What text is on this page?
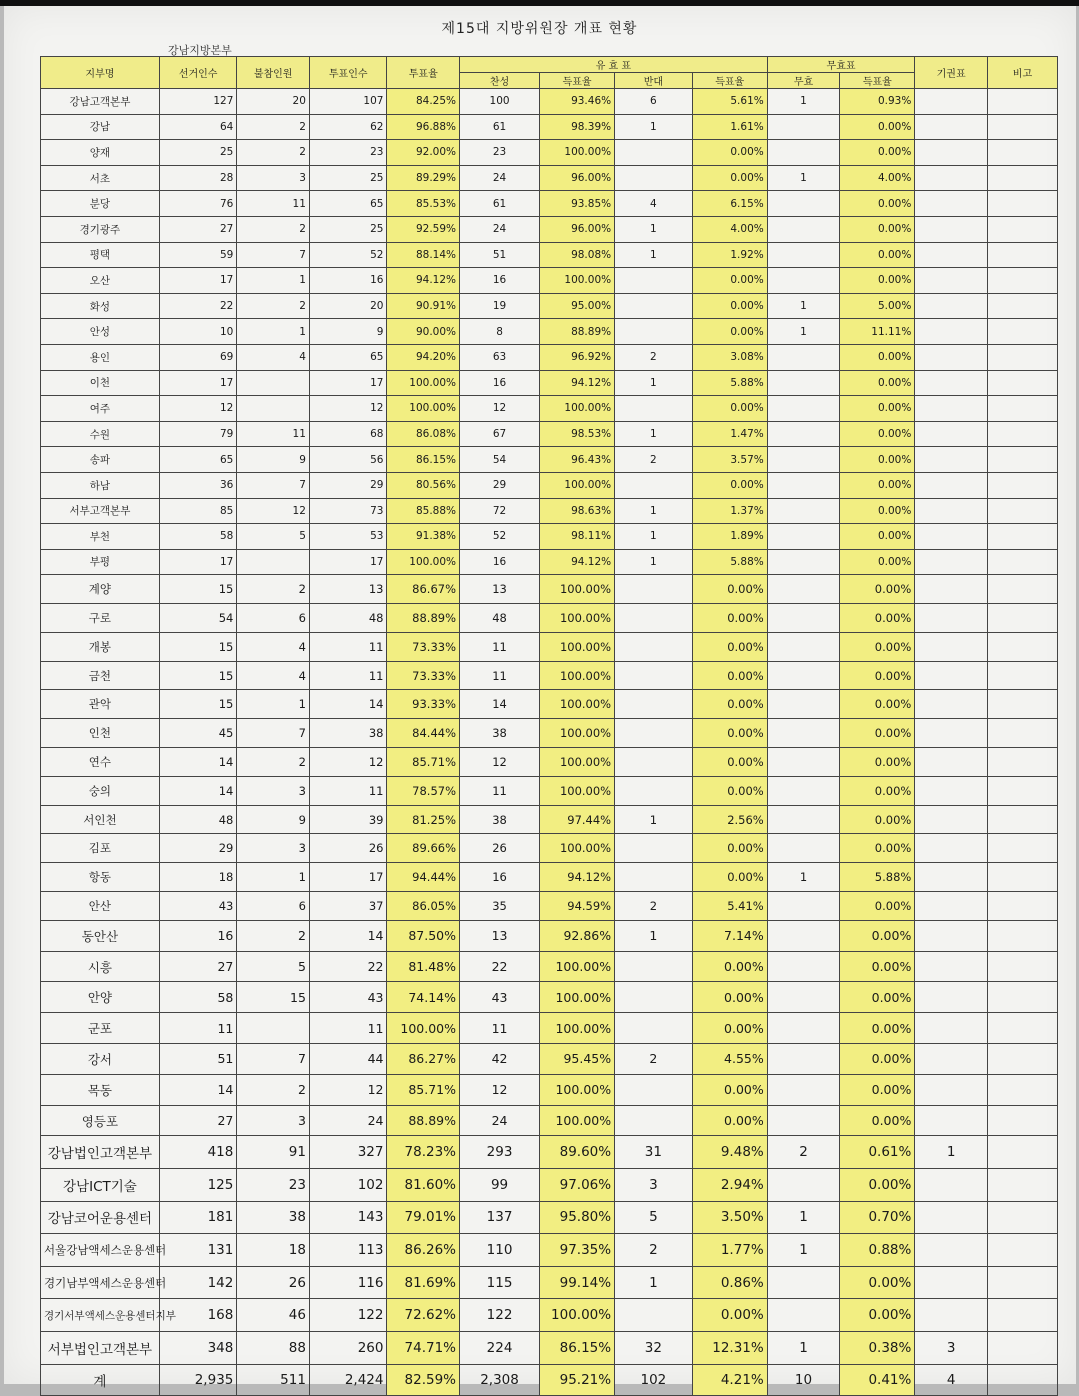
제15대 지방위원장 개표 현황
강남지방본부
지부명	선거인수	불참인원	투표인수	투표율	유 효 표				무효표		기권표	비고
					찬성	득표율	반대	득표율	무효	득표율		
강남고객본부	127	20	107	84.25%	100	93.46%	6	5.61%	1	0.93%		
강남	64	2	62	96.88%	61	98.39%	1	1.61%		0.00%		
양재	25	2	23	92.00%	23	100.00%		0.00%		0.00%		
서초	28	3	25	89.29%	24	96.00%		0.00%	1	4.00%		
분당	76	11	65	85.53%	61	93.85%	4	6.15%		0.00%		
경기광주	27	2	25	92.59%	24	96.00%	1	4.00%		0.00%		
평택	59	7	52	88.14%	51	98.08%	1	1.92%		0.00%		
오산	17	1	16	94.12%	16	100.00%		0.00%		0.00%		
화성	22	2	20	90.91%	19	95.00%		0.00%	1	5.00%		
안성	10	1	9	90.00%	8	88.89%		0.00%	1	11.11%		
용인	69	4	65	94.20%	63	96.92%	2	3.08%		0.00%		
이천	17		17	100.00%	16	94.12%	1	5.88%		0.00%		
여주	12		12	100.00%	12	100.00%		0.00%		0.00%		
수원	79	11	68	86.08%	67	98.53%	1	1.47%		0.00%		
송파	65	9	56	86.15%	54	96.43%	2	3.57%		0.00%		
하남	36	7	29	80.56%	29	100.00%		0.00%		0.00%		
서부고객본부	85	12	73	85.88%	72	98.63%	1	1.37%		0.00%		
부천	58	5	53	91.38%	52	98.11%	1	1.89%		0.00%		
부평	17		17	100.00%	16	94.12%	1	5.88%		0.00%		
계양	15	2	13	86.67%	13	100.00%		0.00%		0.00%		
구로	54	6	48	88.89%	48	100.00%		0.00%		0.00%		
개봉	15	4	11	73.33%	11	100.00%		0.00%		0.00%		
금천	15	4	11	73.33%	11	100.00%		0.00%		0.00%		
관악	15	1	14	93.33%	14	100.00%		0.00%		0.00%		
인천	45	7	38	84.44%	38	100.00%		0.00%		0.00%		
연수	14	2	12	85.71%	12	100.00%		0.00%		0.00%		
숭의	14	3	11	78.57%	11	100.00%		0.00%		0.00%		
서인천	48	9	39	81.25%	38	97.44%	1	2.56%		0.00%		
김포	29	3	26	89.66%	26	100.00%		0.00%		0.00%		
항동	18	1	17	94.44%	16	94.12%		0.00%	1	5.88%		
안산	43	6	37	86.05%	35	94.59%	2	5.41%		0.00%		
동안산	16	2	14	87.50%	13	92.86%	1	7.14%		0.00%		
시흥	27	5	22	81.48%	22	100.00%		0.00%		0.00%		
안양	58	15	43	74.14%	43	100.00%		0.00%		0.00%		
군포	11		11	100.00%	11	100.00%		0.00%		0.00%		
강서	51	7	44	86.27%	42	95.45%	2	4.55%		0.00%		
목동	14	2	12	85.71%	12	100.00%		0.00%		0.00%		
영등포	27	3	24	88.89%	24	100.00%		0.00%		0.00%		
강남법인고객본부	418	91	327	78.23%	293	89.60%	31	9.48%	2	0.61%	1	
강남ICT기술	125	23	102	81.60%	99	97.06%	3	2.94%		0.00%		
강남코어운용센터	181	38	143	79.01%	137	95.80%	5	3.50%	1	0.70%		
서울강남액세스운용센터	131	18	113	86.26%	110	97.35%	2	1.77%	1	0.88%		
경기남부액세스운용센터	142	26	116	81.69%	115	99.14%	1	0.86%		0.00%		
경기서부액세스운용센터지부	168	46	122	72.62%	122	100.00%		0.00%		0.00%		
서부법인고객본부	348	88	260	74.71%	224	86.15%	32	12.31%	1	0.38%	3	
계	2,935	511	2,424	82.59%	2,308	95.21%	102	4.21%	10	0.41%	4	
